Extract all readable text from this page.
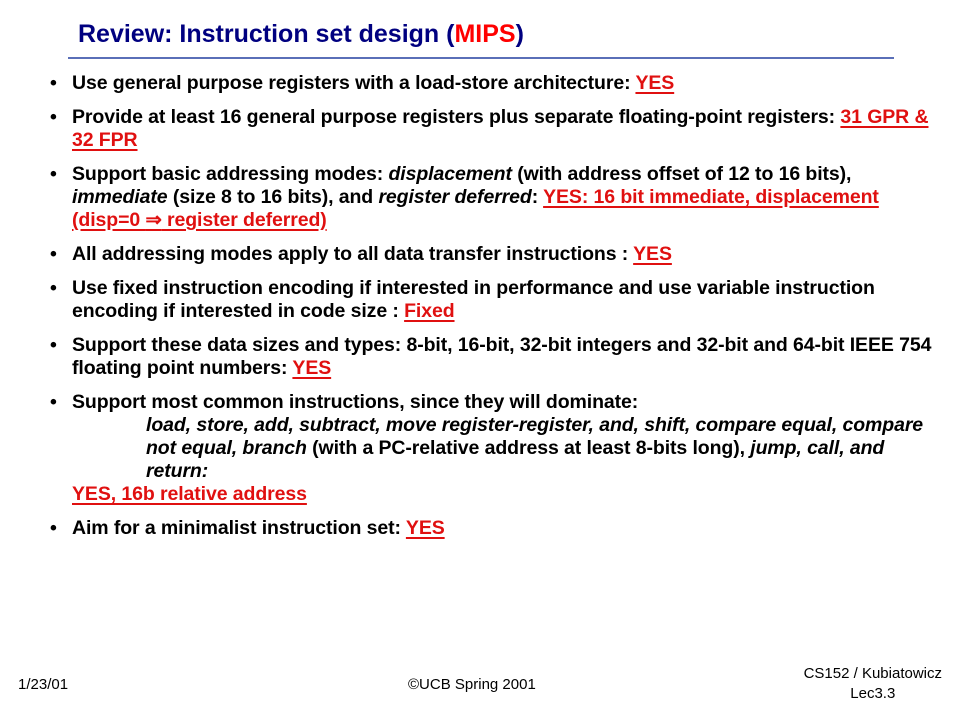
Review: Instruction set design (MIPS)
• Use general purpose registers with a load-store architecture: YES
• Provide at least 16 general purpose registers plus separate floating-point registers: 31 GPR & 32 FPR
• Support basic addressing modes: displacement (with address offset of 12 to 16 bits), immediate (size 8 to 16 bits), and register deferred: YES: 16 bit immediate, displacement (disp=0 ⇒ register deferred)
• All addressing modes apply to all data transfer instructions : YES
• Use fixed instruction encoding if interested in performance and use variable instruction encoding if interested in code size : Fixed
• Support these data sizes and types: 8-bit, 16-bit, 32-bit integers and 32-bit and 64-bit IEEE 754 floating point numbers: YES
• Support most common instructions, since they will dominate:
load, store, add, subtract, move register-register, and, shift, compare equal, compare not equal, branch (with a PC-relative address at least 8-bits long), jump, call, and return:
YES, 16b relative address
• Aim for a minimalist instruction set: YES
1/23/01	©UCB Spring 2001
CS152 / Kubiatowicz
Lec3.3
